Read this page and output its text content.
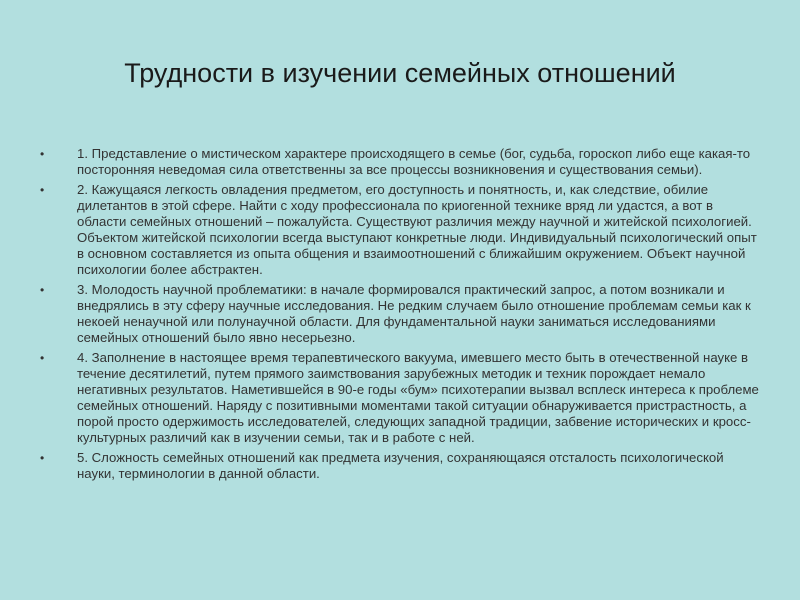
Трудности в изучении семейных отношений
• 1. Представление о мистическом характере происходящего в семье (бог, судьба, гороскоп либо еще какая-то посторонняя неведомая сила ответственны за все процессы возникновения и существования семьи).
• 2. Кажущаяся легкость овладения предметом, его доступность и понятность, и, как следствие, обилие дилетантов в этой сфере. Найти с ходу профессионала по криогенной технике вряд ли удастся, а вот в области семейных отношений – пожалуйста. Существуют различия между научной и житейской психологией. Объектом житейской психологии всегда выступают конкретные люди. Индивидуальный психологический опыт в основном составляется из опыта общения и взаимоотношений с ближайшим окружением. Объект научной психологии более абстрактен.
• 3. Молодость научной проблематики: в начале формировался практический запрос, а потом возникали и внедрялись в эту сферу научные исследования. Не редким случаем было отношение проблемам семьи как к некоей ненаучной или полунаучной области. Для фундаментальной науки заниматься исследованиями семейных отношений было явно несерьезно.
• 4. Заполнение в настоящее время терапевтического вакуума, имевшего место быть в отечественной науке в течение десятилетий, путем прямого заимствования зарубежных методик и техник порождает немало негативных результатов. Наметившейся в 90-е годы «бум» психотерапии вызвал всплеск интереса к проблеме семейных отношений. Наряду с позитивными моментами такой ситуации обнаруживается пристрастность, а порой просто одержимость исследователей, следующих западной традиции, забвение исторических и кросс-культурных различий как в изучении семьи, так и в работе с ней.
• 5. Сложность семейных отношений как предмета изучения, сохраняющаяся отсталость психологической науки, терминологии в данной области.
